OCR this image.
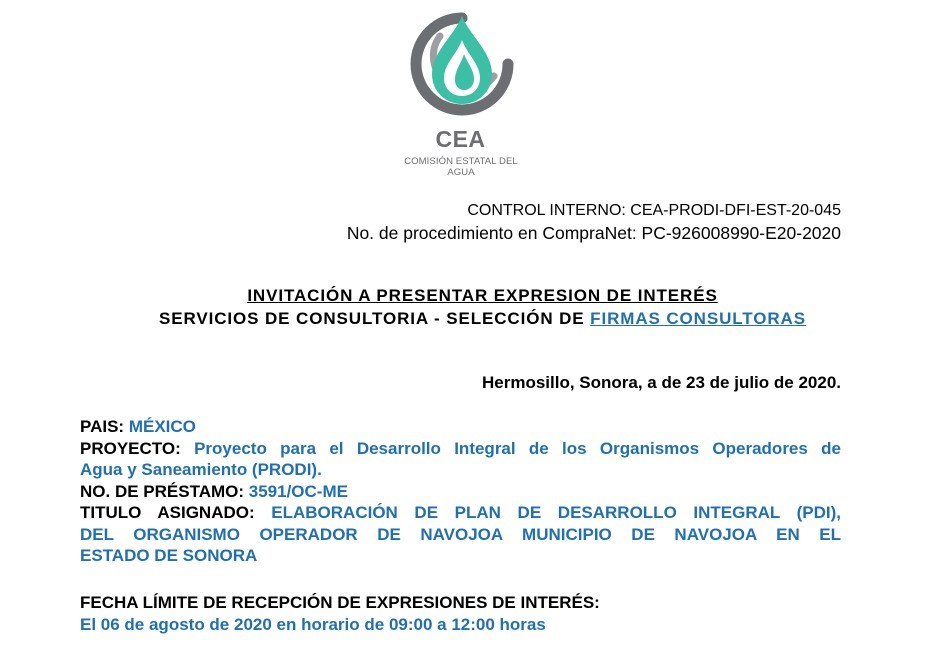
CEA
COMISIÓN ESTATAL DEL AGUA
CONTROL INTERNO: CEA-PRODI-DFI-EST-20-045
No. de procedimiento en CompraNet: PC-926008990-E20-2020
INVITACIÓN A PRESENTAR EXPRESION DE INTERÉS
SERVICIOS DE CONSULTORIA - SELECCIÓN DE FIRMAS CONSULTORAS
Hermosillo, Sonora, a de 23 de julio de 2020.
PAIS: MÉXICO
PROYECTO: Proyecto para el Desarrollo Integral de los Organismos Operadores de
Agua y Saneamiento (PRODI).
NO. DE PRÉSTAMO: 3591/OC-ME
TITULO ASIGNADO: ELABORACIÓN DE PLAN DE DESARROLLO INTEGRAL (PDI),
DEL ORGANISMO OPERADOR DE NAVOJOA MUNICIPIO DE NAVOJOA EN EL
ESTADO DE SONORA
FECHA LÍMITE DE RECEPCIÓN DE EXPRESIONES DE INTERÉS:
El 06 de agosto de 2020 en horario de 09:00 a 12:00 horas
